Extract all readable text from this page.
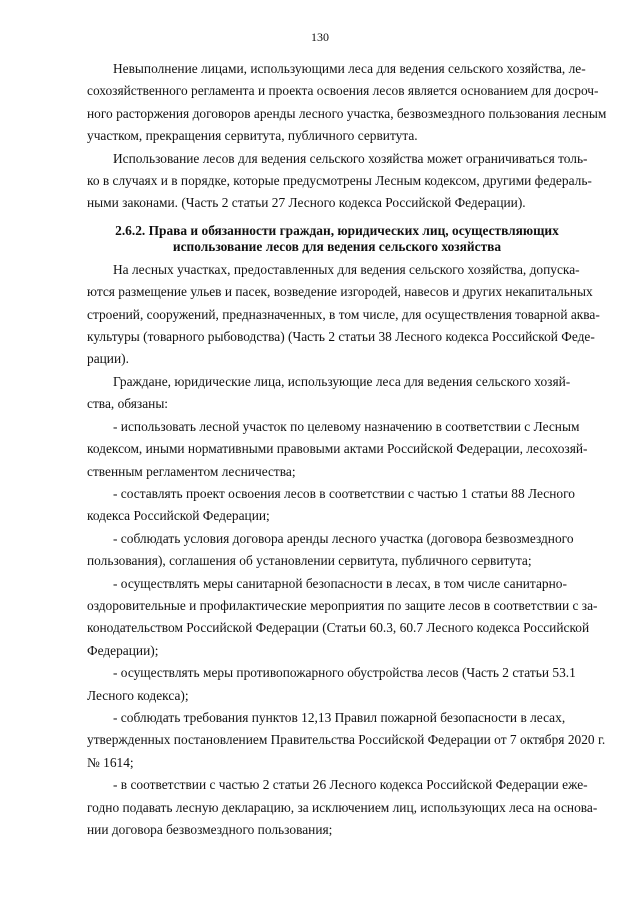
130
Невыполнение лицами, использующими леса для ведения сельского хозяйства, ле-
сохозяйственного регламента и проекта освоения лесов является основанием для досроч-
ного расторжения договоров аренды лесного участка, безвозмездного пользования лесным
участком, прекращения сервитута, публичного сервитута.
Использование лесов для ведения сельского хозяйства может ограничиваться толь-
ко в случаях и в порядке, которые предусмотрены Лесным кодексом, другими федераль-
ными законами. (Часть 2 статьи 27 Лесного кодекса Российской Федерации).
2.6.2. Права и обязанности граждан, юридических лиц, осуществляющих
использование лесов для ведения сельского хозяйства
На лесных участках, предоставленных для ведения сельского хозяйства, допуска-
ются размещение ульев и пасек, возведение изгородей, навесов и других некапитальных
строений, сооружений, предназначенных, в том числе, для осуществления товарной аква-
культуры (товарного рыбоводства) (Часть 2 статьи 38 Лесного кодекса Российской Феде-
рации).
Граждане, юридические лица, использующие леса для ведения сельского хозяй-
ства, обязаны:
- использовать лесной участок по целевому назначению в соответствии с Лесным
кодексом, иными нормативными правовыми актами Российской Федерации, лесохозяй-
ственным регламентом лесничества;
- составлять проект освоения лесов в соответствии с частью 1 статьи 88 Лесного
кодекса Российской Федерации;
- соблюдать условия договора аренды лесного участка (договора безвозмездного
пользования), соглашения об установлении сервитута, публичного сервитута;
- осуществлять меры санитарной безопасности в лесах, в том числе санитарно-
оздоровительные и профилактические мероприятия по защите лесов в соответствии с за-
конодательством Российской Федерации (Статьи 60.3, 60.7 Лесного кодекса Российской
Федерации);
- осуществлять меры противопожарного обустройства лесов (Часть 2 статьи 53.1
Лесного кодекса);
- соблюдать требования пунктов 12,13 Правил пожарной безопасности в лесах,
утвержденных постановлением Правительства Российской Федерации от 7 октября 2020 г.
№ 1614;
- в соответствии с частью 2 статьи 26 Лесного кодекса Российской Федерации еже-
годно подавать лесную декларацию, за исключением лиц, использующих леса на основа-
нии договора безвозмездного пользования;
